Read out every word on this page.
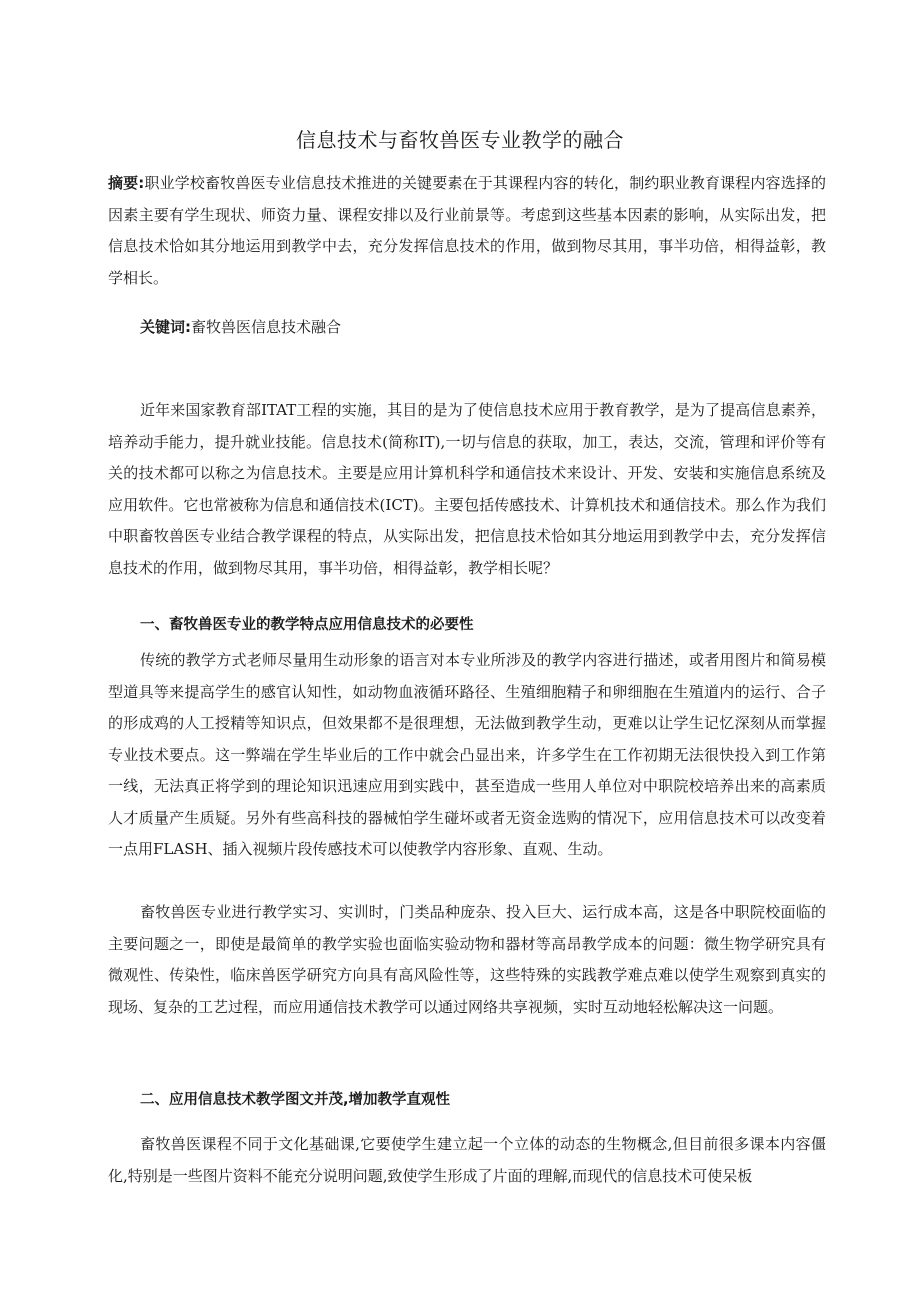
信息技术与畜牧兽医专业教学的融合

摘要:职业学校畜牧兽医专业信息技术推进的关键要素在于其课程内容的转化，制约职业教育课程内容选择的因素主要有学生现状、师资力量、课程安排以及行业前景等。考虑到这些基本因素的影响，从实际出发，把信息技术恰如其分地运用到教学中去，充分发挥信息技术的作用，做到物尽其用，事半功倍，相得益彰，教学相长。

关键词:畜牧兽医信息技术融合

近年来国家教育部ITAT工程的实施，其目的是为了使信息技术应用于教育教学，是为了提高信息素养，培养动手能力，提升就业技能。信息技术(简称IT),一切与信息的获取，加工，表达，交流，管理和评价等有关的技术都可以称之为信息技术。主要是应用计算机科学和通信技术来设计、开发、安装和实施信息系统及应用软件。它也常被称为信息和通信技术(ICT)。主要包括传感技术、计算机技术和通信技术。那么作为我们中职畜牧兽医专业结合教学课程的特点，从实际出发，把信息技术恰如其分地运用到教学中去，充分发挥信息技术的作用，做到物尽其用，事半功倍，相得益彰，教学相长呢？

一、畜牧兽医专业的教学特点应用信息技术的必要性

传统的教学方式老师尽量用生动形象的语言对本专业所涉及的教学内容进行描述，或者用图片和简易模型道具等来提高学生的感官认知性，如动物血液循环路径、生殖细胞精子和卵细胞在生殖道内的运行、合子的形成鸡的人工授精等知识点，但效果都不是很理想，无法做到教学生动，更难以让学生记忆深刻从而掌握专业技术要点。这一弊端在学生毕业后的工作中就会凸显出来，许多学生在工作初期无法很快投入到工作第一线，无法真正将学到的理论知识迅速应用到实践中，甚至造成一些用人单位对中职院校培养出来的高素质人才质量产生质疑。另外有些高科技的器械怕学生碰坏或者无资金选购的情况下，应用信息技术可以改变着一点用FLASH、插入视频片段传感技术可以使教学内容形象、直观、生动。

畜牧兽医专业进行教学实习、实训时，门类品种庞杂、投入巨大、运行成本高，这是各中职院校面临的主要问题之一，即使是最简单的教学实验也面临实验动物和器材等高昂教学成本的问题：微生物学研究具有微观性、传染性，临床兽医学研究方向具有高风险性等，这些特殊的实践教学难点难以使学生观察到真实的现场、复杂的工艺过程，而应用通信技术教学可以通过网络共享视频，实时互动地轻松解决这一问题。

二、应用信息技术教学图文并茂,增加教学直观性

畜牧兽医课程不同于文化基础课,它要使学生建立起一个立体的动态的生物概念,但目前很多课本内容僵化,特别是一些图片资料不能充分说明问题,致使学生形成了片面的理解,而现代的信息技术可使呆板
